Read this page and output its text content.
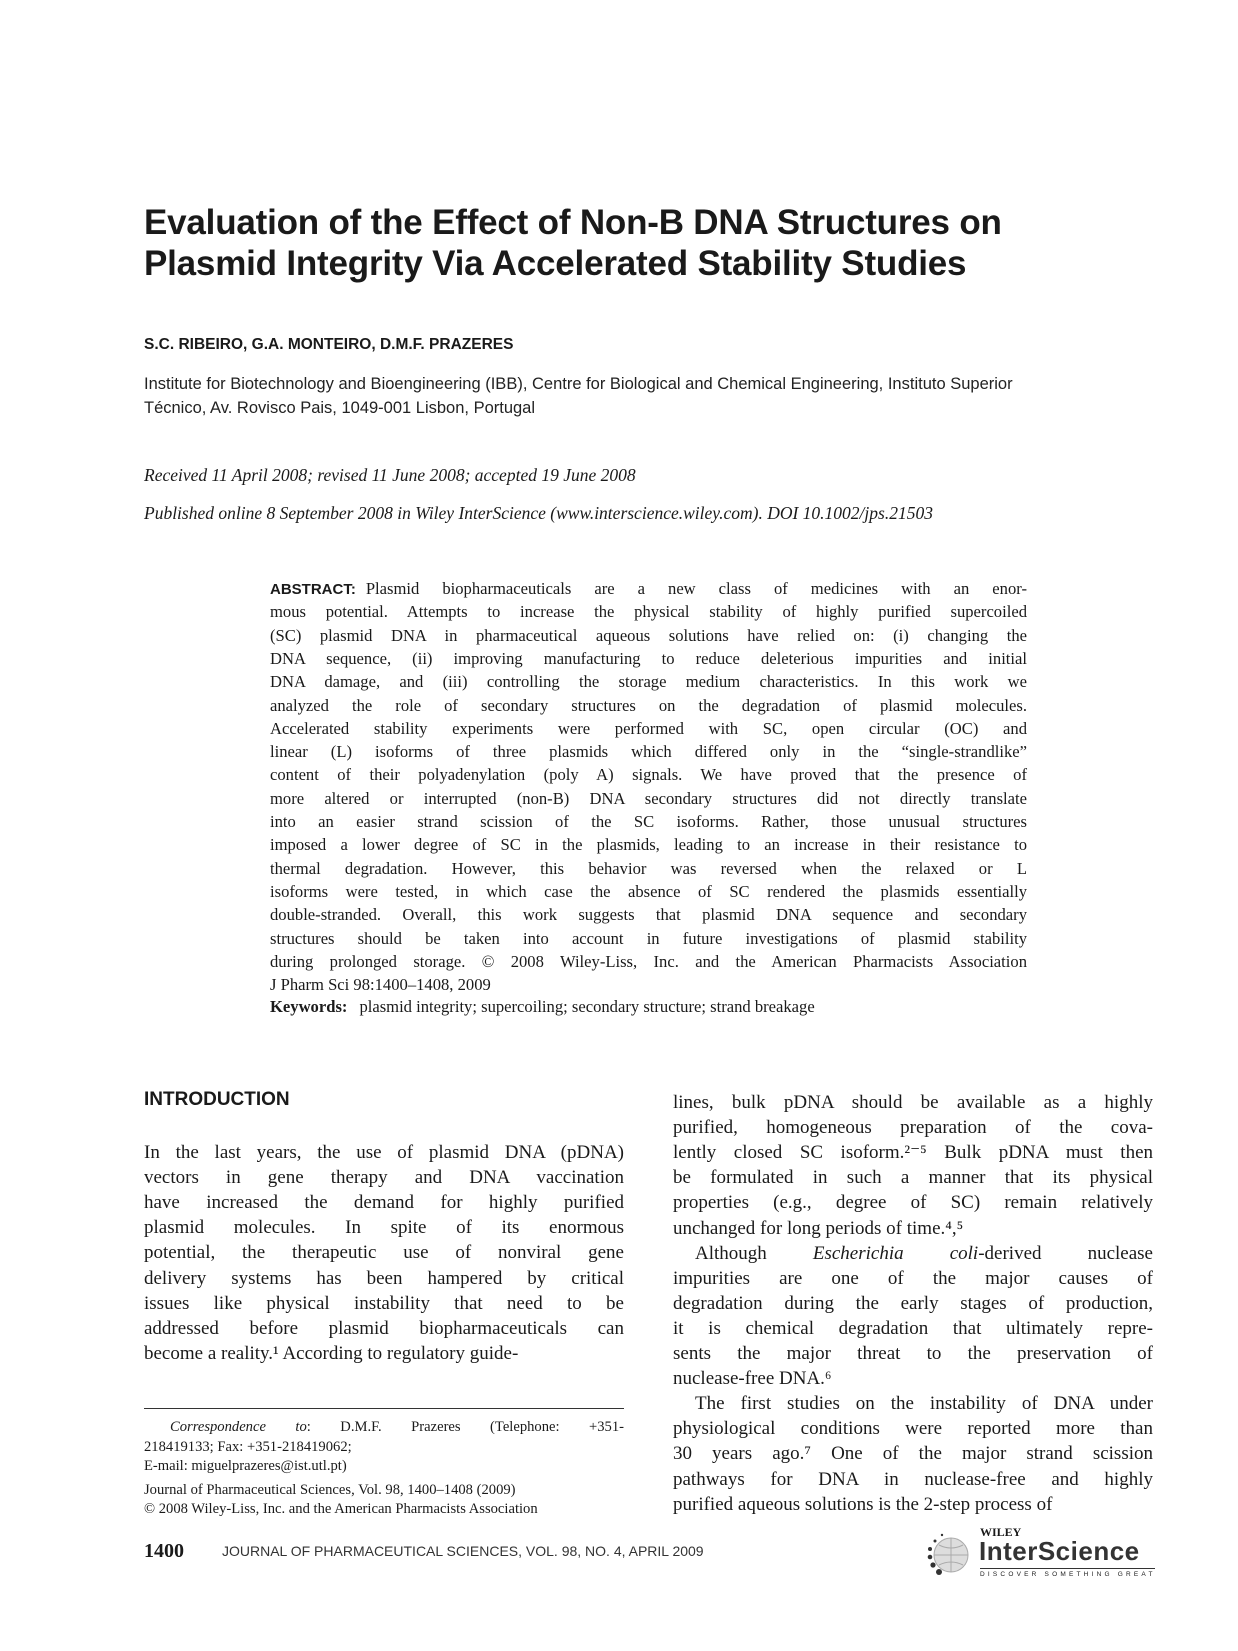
Evaluation of the Effect of Non-B DNA Structures on
Plasmid Integrity Via Accelerated Stability Studies
S.C. RIBEIRO, G.A. MONTEIRO, D.M.F. PRAZERES
Institute for Biotechnology and Bioengineering (IBB), Centre for Biological and Chemical Engineering, Instituto Superior
Técnico, Av. Rovisco Pais, 1049-001 Lisbon, Portugal
Received 11 April 2008; revised 11 June 2008; accepted 19 June 2008
Published online 8 September 2008 in Wiley InterScience (www.interscience.wiley.com). DOI 10.1002/jps.21503
INTRODUCTION
Correspondence to: D.M.F. Prazeres (Telephone: +351-
218419133; Fax: +351-218419062;
E-mail: miguelprazeres@ist.utl.pt)
Journal of Pharmaceutical Sciences, Vol. 98, 1400–1408 (2009)
© 2008 Wiley-Liss, Inc. and the American Pharmacists Association
1400	JOURNAL OF PHARMACEUTICAL SCIENCES, VOL. 98, NO. 4, APRIL 2009
WILEY
InterScience
DISCOVER SOMETHING GREAT
ABSTRACT: Plasmid biopharmaceuticals are a new class of medicines with an enor-
mous potential. Attempts to increase the physical stability of highly purified supercoiled
(SC) plasmid DNA in pharmaceutical aqueous solutions have relied on: (i) changing the
DNA sequence, (ii) improving manufacturing to reduce deleterious impurities and initial
DNA damage, and (iii) controlling the storage medium characteristics. In this work we
analyzed the role of secondary structures on the degradation of plasmid molecules.
Accelerated stability experiments were performed with SC, open circular (OC) and
linear (L) isoforms of three plasmids which differed only in the “single-strandlike”
content of their polyadenylation (poly A) signals. We have proved that the presence of
more altered or interrupted (non-B) DNA secondary structures did not directly translate
into an easier strand scission of the SC isoforms. Rather, those unusual structures
imposed a lower degree of SC in the plasmids, leading to an increase in their resistance to
thermal degradation. However, this behavior was reversed when the relaxed or L
isoforms were tested, in which case the absence of SC rendered the plasmids essentially
double-stranded. Overall, this work suggests that plasmid DNA sequence and secondary
structures should be taken into account in future investigations of plasmid stability
during prolonged storage. © 2008 Wiley-Liss, Inc. and the American Pharmacists Association
J Pharm Sci 98:1400–1408, 2009
Keywords: plasmid integrity; supercoiling; secondary structure; strand breakage
In the last years, the use of plasmid DNA (pDNA)
vectors in gene therapy and DNA vaccination
have increased the demand for highly purified
plasmid molecules. In spite of its enormous
potential, the therapeutic use of nonviral gene
delivery systems has been hampered by critical
issues like physical instability that need to be
addressed before plasmid biopharmaceuticals can
become a reality.¹ According to regulatory guide-
lines, bulk pDNA should be available as a highly
purified, homogeneous preparation of the cova-
lently closed SC isoform.²⁻⁵ Bulk pDNA must then
be formulated in such a manner that its physical
properties (e.g., degree of SC) remain relatively
unchanged for long periods of time.⁴,⁵
Although Escherichia coli-derived nuclease
impurities are one of the major causes of
degradation during the early stages of production,
it is chemical degradation that ultimately repre-
sents the major threat to the preservation of
nuclease-free DNA.⁶
The first studies on the instability of DNA under
physiological conditions were reported more than
30 years ago.⁷ One of the major strand scission
pathways for DNA in nuclease-free and highly
purified aqueous solutions is the 2-step process of
